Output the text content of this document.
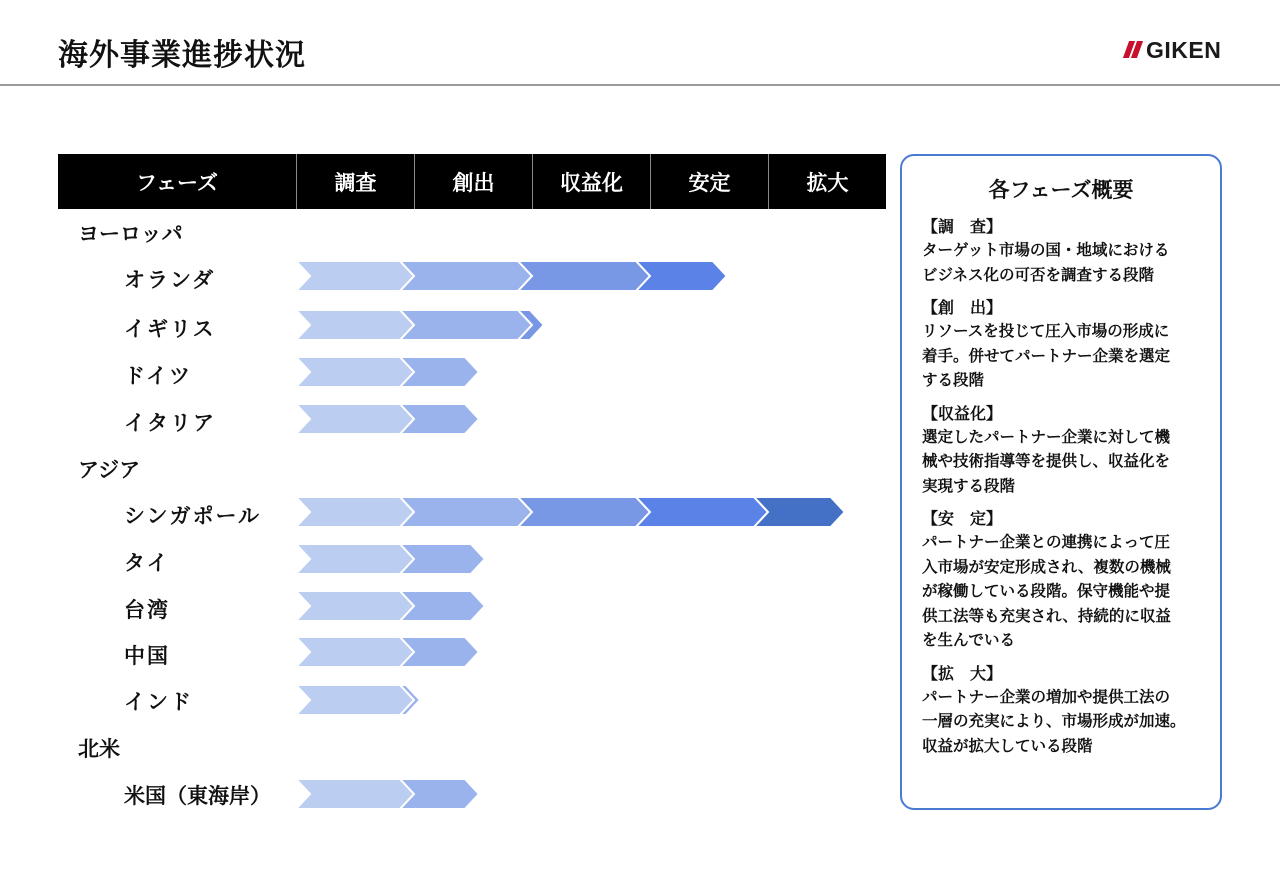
海外事業進捗状況	GIKEN
フェーズ	調査	創出	収益化	安定	拡大
ヨーロッパ
オランダ
イギリス
ドイツ
イタリア
アジア
シンガポール
タイ
台湾
中国
インド
北米
米国（東海岸）
各フェーズ概要
【調　査】
ターゲット市場の国・地域における
ビジネス化の可否を調査する段階
【創　出】
リソースを投じて圧入市場の形成に
着手。併せてパートナー企業を選定
する段階
【収益化】
選定したパートナー企業に対して機
械や技術指導等を提供し、収益化を
実現する段階
【安　定】
パートナー企業との連携によって圧
入市場が安定形成され、複数の機械
が稼働している段階。保守機能や提
供工法等も充実され、持続的に収益
を生んでいる
【拡　大】
パートナー企業の増加や提供工法の
一層の充実により、市場形成が加速。
収益が拡大している段階
